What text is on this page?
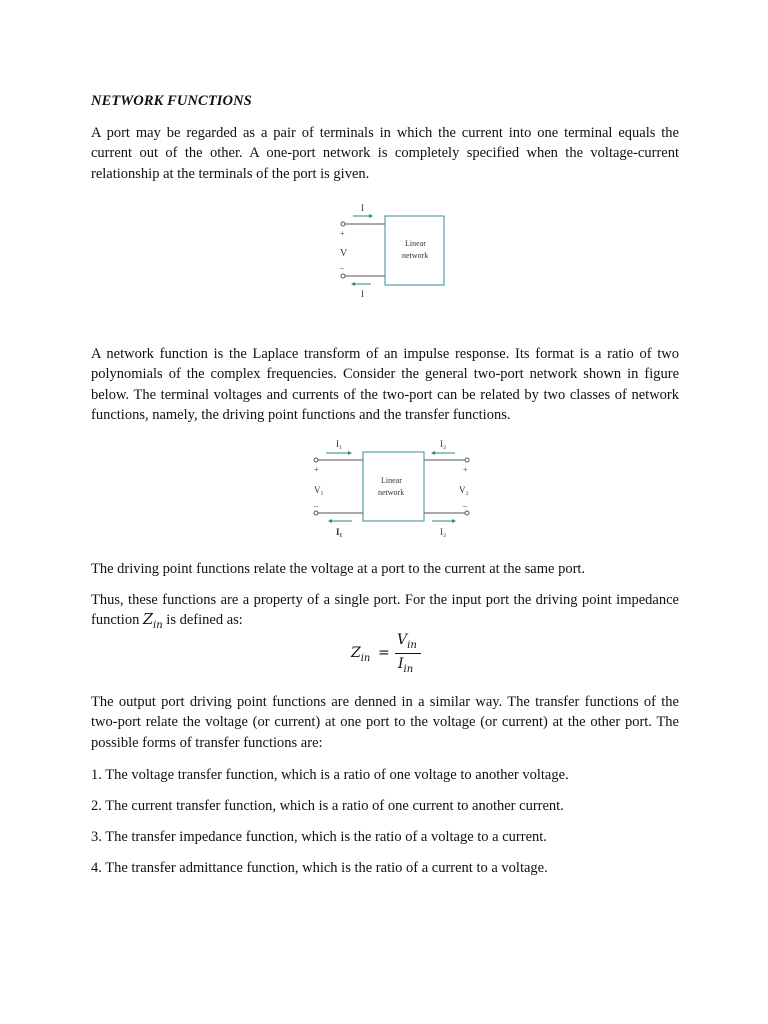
NETWORK FUNCTIONS

A port may be regarded as a pair of terminals in which the current into one terminal equals the current out of the other. A one-port network is completely specified when the voltage-current relationship at the terminals of the port is given.

I
I
+
–
V
Linear
network

A network function is the Laplace transform of an impulse response. Its format is a ratio of two polynomials of the complex frequencies. Consider the general two-port network shown in figure below. The terminal voltages and currents of the two-port can be related by two classes of network functions, namely, the driving point functions and the transfer functions.

I₁	I₂
I₁	I₂
+
–
+
–
V₁	V₂
Linear
network

The driving point functions relate the voltage at a port to the current at the same port.

Thus, these functions are a property of a single port. For the input port the driving point impedance function $Z_{in}$ is defined as:

$Z_{in}$ =
$V_{in}$
$I_{in}$

The output port driving point functions are denned in a similar way. The transfer functions of the two-port relate the voltage (or current) at one port to the voltage (or current) at the other port. The possible forms of transfer functions are:

1. The voltage transfer function, which is a ratio of one voltage to another voltage.

2. The current transfer function, which is a ratio of one current to another current.

3. The transfer impedance function, which is the ratio of a voltage to a current.

4. The transfer admittance function, which is the ratio of a current to a voltage.
